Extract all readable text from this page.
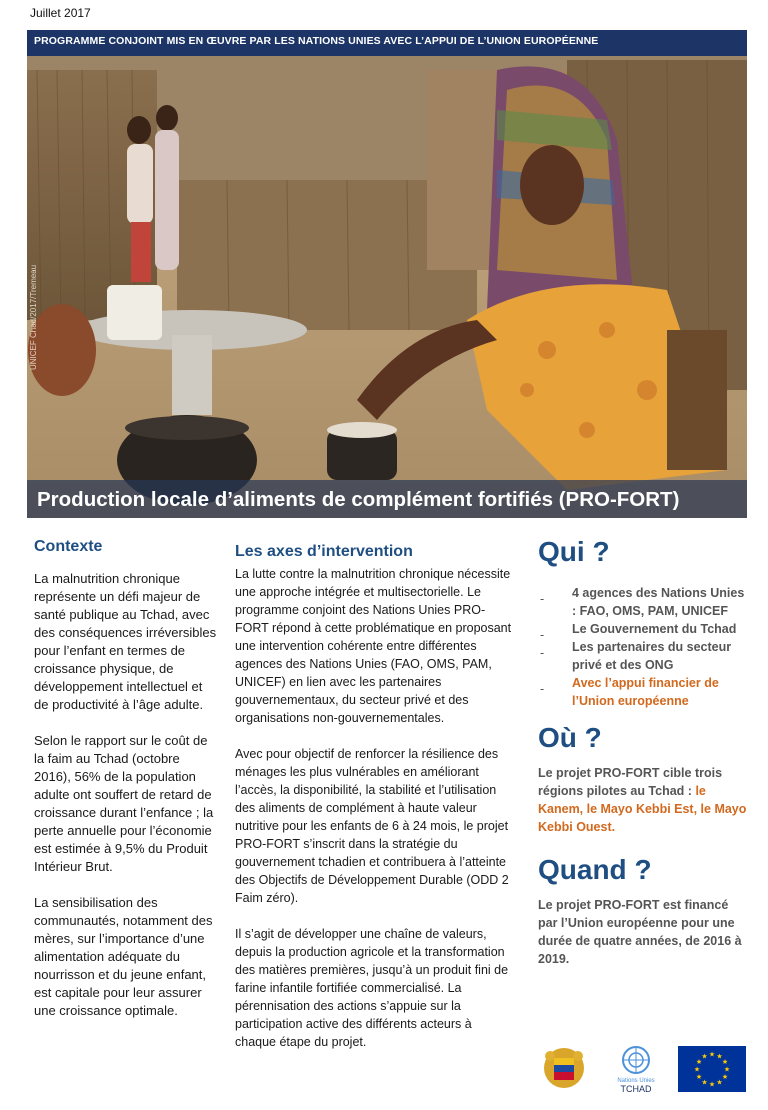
Juillet 2017
PROGRAMME CONJOINT MIS EN ŒUVRE PAR LES NATIONS UNIES AVEC L’APPUI DE L’UNION EUROPÉENNE
UNICEF Chad/2017/Tremeau
Production locale d’aliments de complément fortifiés (PRO-FORT)
Contexte

La malnutrition chronique représente un défi majeur de santé publique au Tchad, avec des conséquences irréversibles pour l’enfant en termes de croissance physique, de développement intellectuel et de productivité à l’âge adulte.

Selon le rapport sur le coût de la faim au Tchad (octobre 2016), 56% de la population adulte ont souffert de retard de croissance durant l’enfance ; la perte annuelle pour l’économie est estimée à 9,5% du Produit Intérieur Brut.

La sensibilisation des communautés, notamment des mères, sur l’importance d’une alimentation adéquate du nourrisson et du jeune enfant, est capitale pour leur assurer une croissance optimale.

Les axes d’intervention

La lutte contre la malnutrition chronique nécessite une approche intégrée et multisectorielle. Le programme conjoint des Nations Unies PRO-FORT répond à cette problématique en proposant une intervention cohérente entre différentes agences des Nations Unies (FAO, OMS, PAM, UNICEF) en lien avec les partenaires gouvernementaux, du secteur privé et des organisations non-gouvernementales.

Avec pour objectif de renforcer la résilience des ménages les plus vulnérables en améliorant l’accès, la disponibilité, la stabilité et l’utilisation des aliments de complément à haute valeur nutritive pour les enfants de 6 à 24 mois, le projet PRO-FORT s’inscrit dans la stratégie du gouvernement tchadien et contribuera à l’atteinte des Objectifs de Développement Durable (ODD 2 Faim zéro).

Il s’agit de développer une chaîne de valeurs, depuis la production agricole et la transformation des matières premières, jusqu’à un produit fini de farine infantile fortifiée commercialisé. La pérennisation des actions s’appuie sur la participation active des différents acteurs à chaque étape du projet.

Qui ?
- 4 agences des Nations Unies : FAO, OMS, PAM, UNICEF
- Le Gouvernement du Tchad
- Les partenaires du secteur privé et des ONG
- Avec l’appui financier de l’Union européenne
Où ?
Le projet PRO-FORT cible trois régions pilotes au Tchad : le Kanem, le Mayo Kebbi Est, le Mayo Kebbi Ouest.
Quand ?
Le projet PRO-FORT est financé par l’Union européenne pour une durée de quatre années, de 2016 à 2019.
Nations Unies
TCHAD
★ ★
★
★
★
★
★
★
★
★
★
★
